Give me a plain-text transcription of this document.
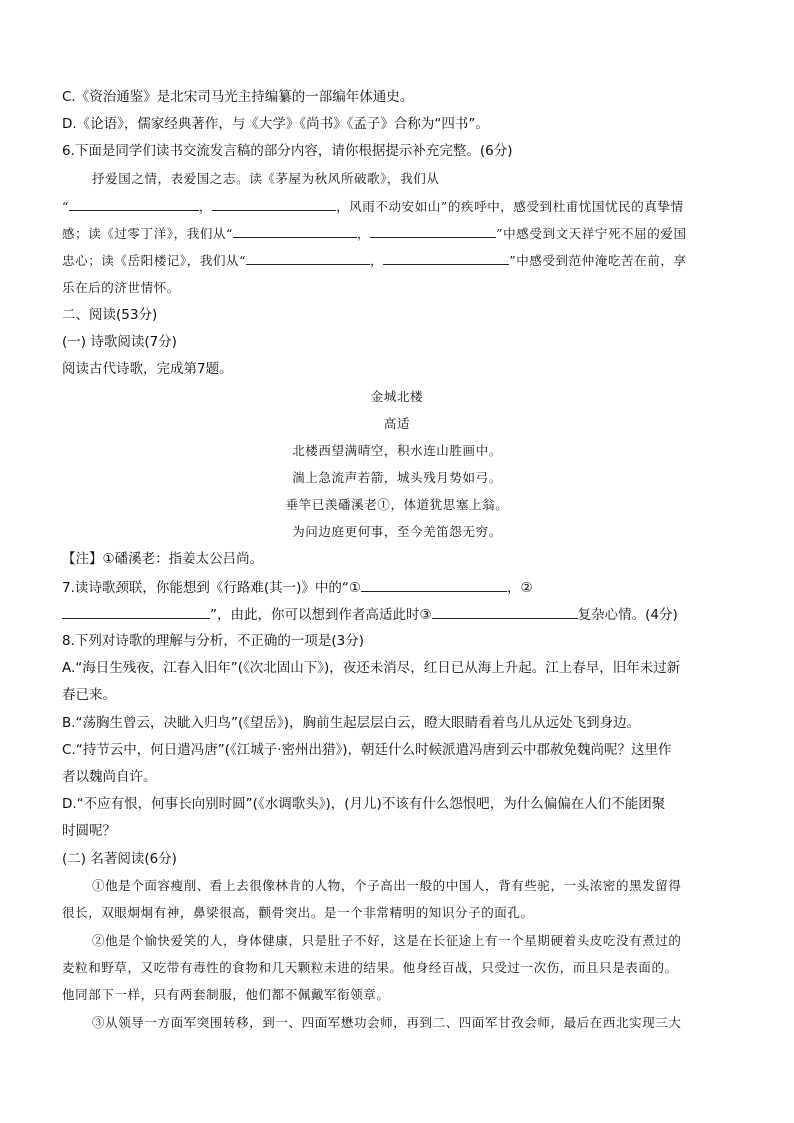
C.《资治通鉴》是北宋司马光主持编纂的一部编年体通史。
D.《论语》，儒家经典著作，与《大学》《尚书》《孟子》合称为“四书”。
6.下面是同学们读书交流发言稿的部分内容，请你根据提示补充完整。(6分)
抒爱国之情，表爱国之志。读《茅屋为秋风所破歌》，我们从
“	，	，风雨不动安如山”的疾呼中，感受到杜甫忧国忧民的真挚情
感；读《过零丁洋》，我们从“	，	”中感受到文天祥宁死不屈的爱国
忠心；读《岳阳楼记》，我们从“	，	”中感受到范仲淹吃苦在前，享
乐在后的济世情怀。
二、阅读(53分)
(一) 诗歌阅读(7分)
阅读古代诗歌，完成第7题。
金城北楼
高适
北楼西望满晴空，积水连山胜画中。
湍上急流声若箭，城头残月势如弓。
垂竿已羡磻溪老①，体道犹思塞上翁。
为问边庭更何事，至今羌笛怨无穷。
【注】①磻溪老：指姜太公吕尚。
7.读诗歌颈联，你能想到《行路难(其一)》中的“①	，②
”，由此，你可以想到作者高适此时③	复杂心情。(4分)
8.下列对诗歌的理解与分析，不正确的一项是(3分)
A.“海日生残夜，江春入旧年”(《次北固山下》)，夜还未消尽，红日已从海上升起。江上春早，旧年未过新
春已来。
B.“荡胸生曾云，决眦入归鸟”(《望岳》)，胸前生起层层白云，瞪大眼睛看着鸟儿从远处飞到身边。
C.“持节云中，何日遣冯唐”(《江城子·密州出猎》)，朝廷什么时候派遣冯唐到云中郡赦免魏尚呢？这里作
者以魏尚自许。
D.“不应有恨，何事长向别时圆”(《水调歌头》)，(月儿)不该有什么怨恨吧，为什么偏偏在人们不能团聚
时圆呢？
(二) 名著阅读(6分)
①他是个面容瘦削、看上去很像林肯的人物，个子高出一般的中国人，背有些驼，一头浓密的黑发留得
很长，双眼炯炯有神，鼻梁很高，颧骨突出。是一个非常精明的知识分子的面孔。
②他是个愉快爱笑的人，身体健康，只是肚子不好，这是在长征途上有一个星期硬着头皮吃没有煮过的
麦粒和野草，又吃带有毒性的食物和几天颗粒未进的结果。他身经百战，只受过一次伤，而且只是表面的。
他同部下一样，只有两套制服，他们都不佩戴军衔领章。
③从领导一方面军突围转移，到一、四面军懋功会师，再到二、四面军甘孜会师，最后在西北实现三大
